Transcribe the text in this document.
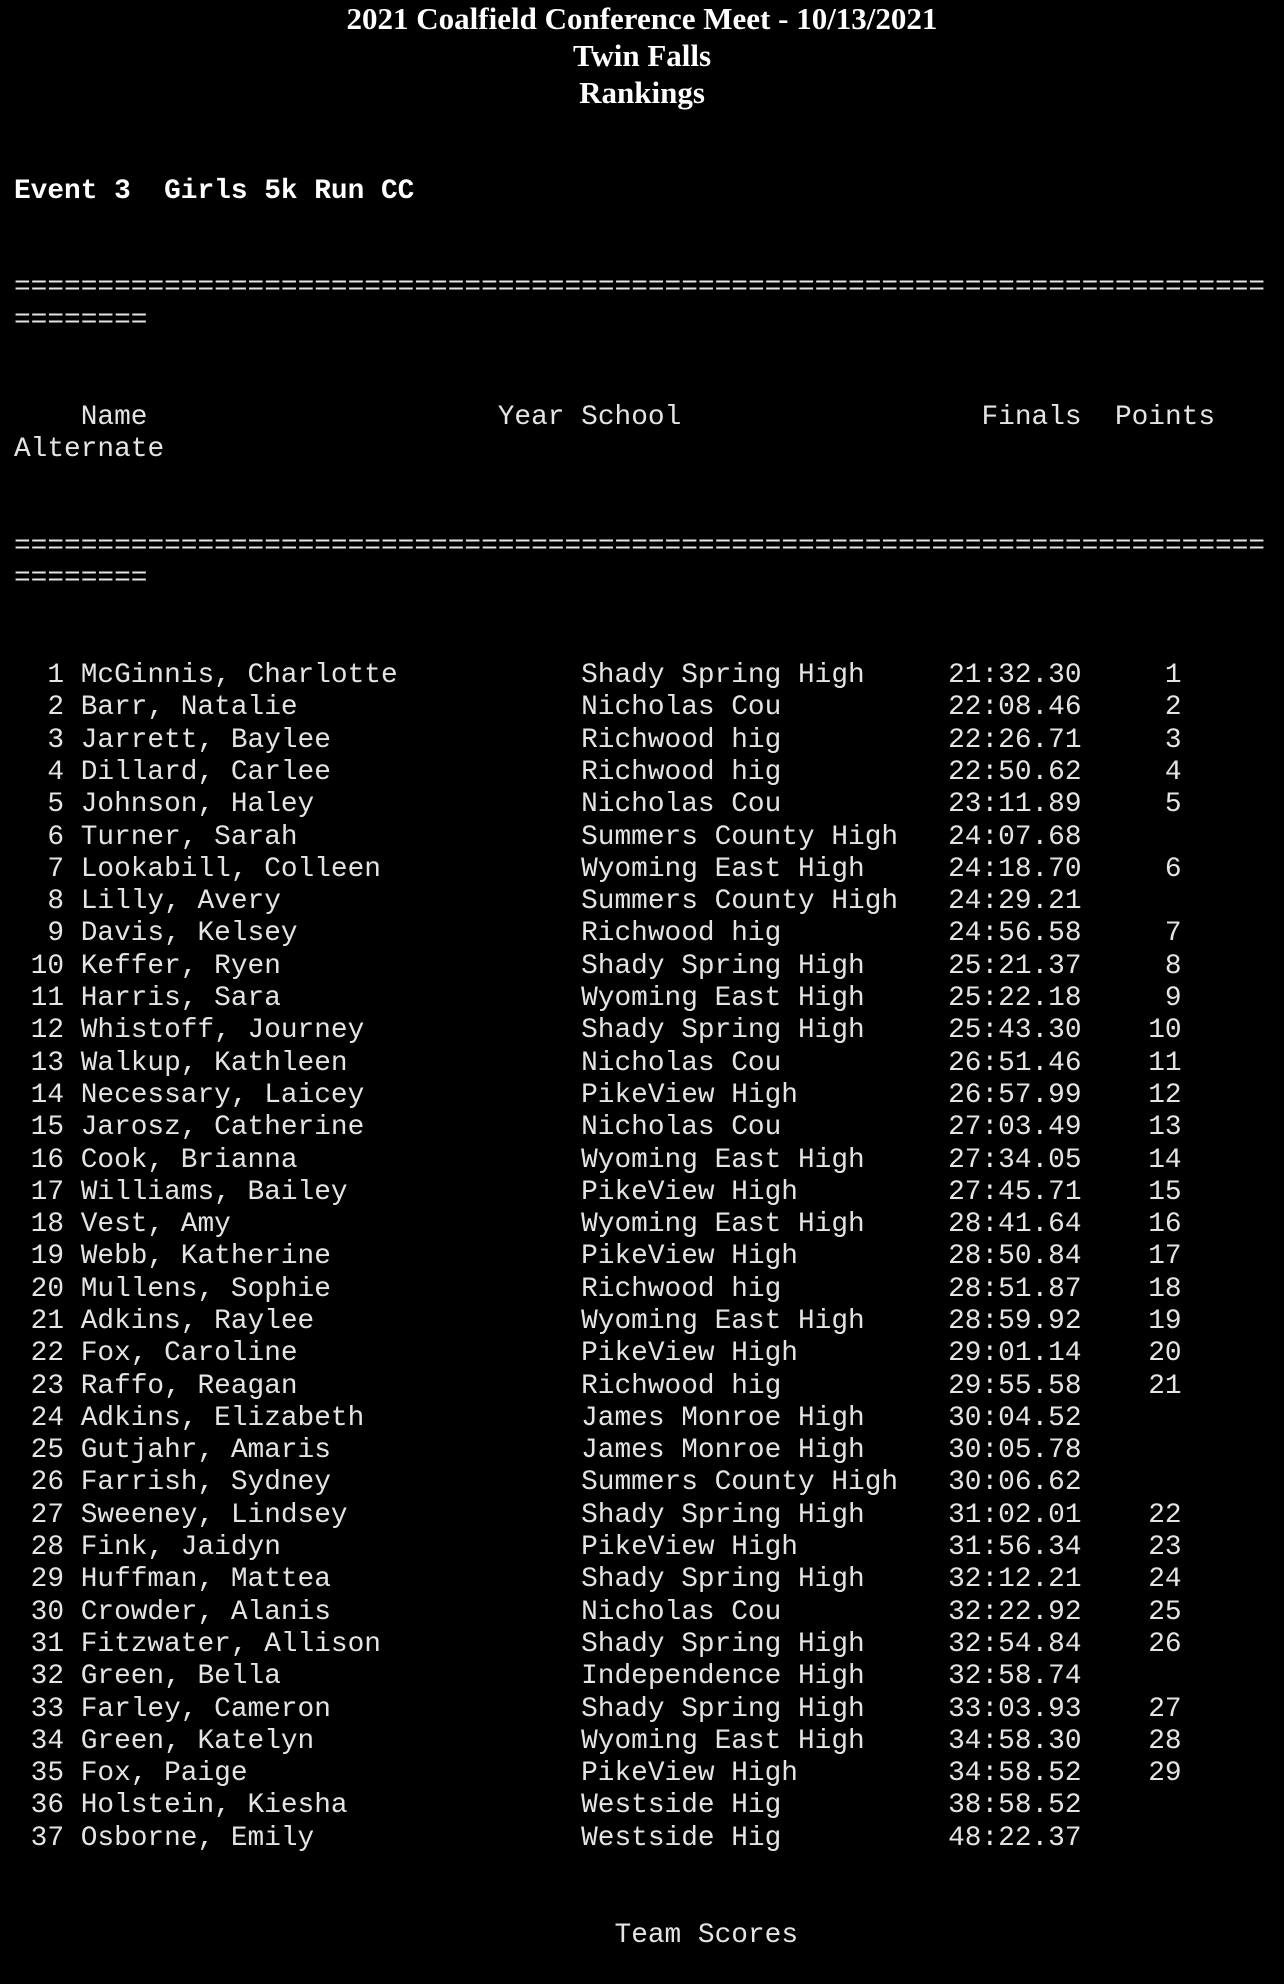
2021 Coalfield Conference Meet - 10/13/2021
Twin Falls
Rankings

Event 3  Girls 5k Run CC

===================================================================================

Name                     Year School                  Finals  Points Alternate

===================================================================================

1 McGinnis, Charlotte	Shady Spring High	21:32.30	1
2 Barr, Natalie	Nicholas Cou	22:08.46	2
3 Jarrett, Baylee	Richwood hig	22:26.71	3
4 Dillard, Carlee	Richwood hig	22:50.62	4
5 Johnson, Haley	Nicholas Cou	23:11.89	5
6 Turner, Sarah	Summers County High 24:07.68
7 Lookabill, Colleen	Wyoming East High	24:18.70	6
8 Lilly, Avery	Summers County High 24:29.21
9 Davis, Kelsey	Richwood hig	24:56.58	7
10 Keffer, Ryen	Shady Spring High	25:21.37	8
11 Harris, Sara	Wyoming East High	25:22.18	9
12 Whistoff, Journey	Shady Spring High	25:43.30 10
13 Walkup, Kathleen	Nicholas Cou	26:51.46 11
14 Necessary, Laicey	PikeView High	26:57.99 12
15 Jarosz, Catherine	Nicholas Cou	27:03.49 13
16 Cook, Brianna	Wyoming East High	27:34.05 14
17 Williams, Bailey	PikeView High	27:45.71 15
18 Vest, Amy	Wyoming East High	28:41.64 16
19 Webb, Katherine	PikeView High	28:50.84 17
20 Mullens, Sophie	Richwood hig	28:51.87 18
21 Adkins, Raylee	Wyoming East High	28:59.92 19
22 Fox, Caroline	PikeView High	29:01.14 20
23 Raffo, Reagan	Richwood hig	29:55.58 21
24 Adkins, Elizabeth	James Monroe High	30:04.52
25 Gutjahr, Amaris	James Monroe High	30:05.78
26 Farrish, Sydney	Summers County High 30:06.62
27 Sweeney, Lindsey	Shady Spring High	31:02.01 22
28 Fink, Jaidyn	PikeView High	31:56.34 23
29 Huffman, Mattea	Shady Spring High	32:12.21 24
30 Crowder, Alanis	Nicholas Cou	32:22.92 25
31 Fitzwater, Allison	Shady Spring High	32:54.84 26
32 Green, Bella	Independence High	32:58.74
33 Farley, Cameron	Shady Spring High	33:03.93 27
34 Green, Katelyn	Wyoming East High	34:58.30 28
35 Fox, Paige	PikeView High	34:58.52 29
36 Holstein, Kiesha	Westside Hig	38:58.52
37 Osborne, Emily	Westside Hig	48:22.37

Team Scores
